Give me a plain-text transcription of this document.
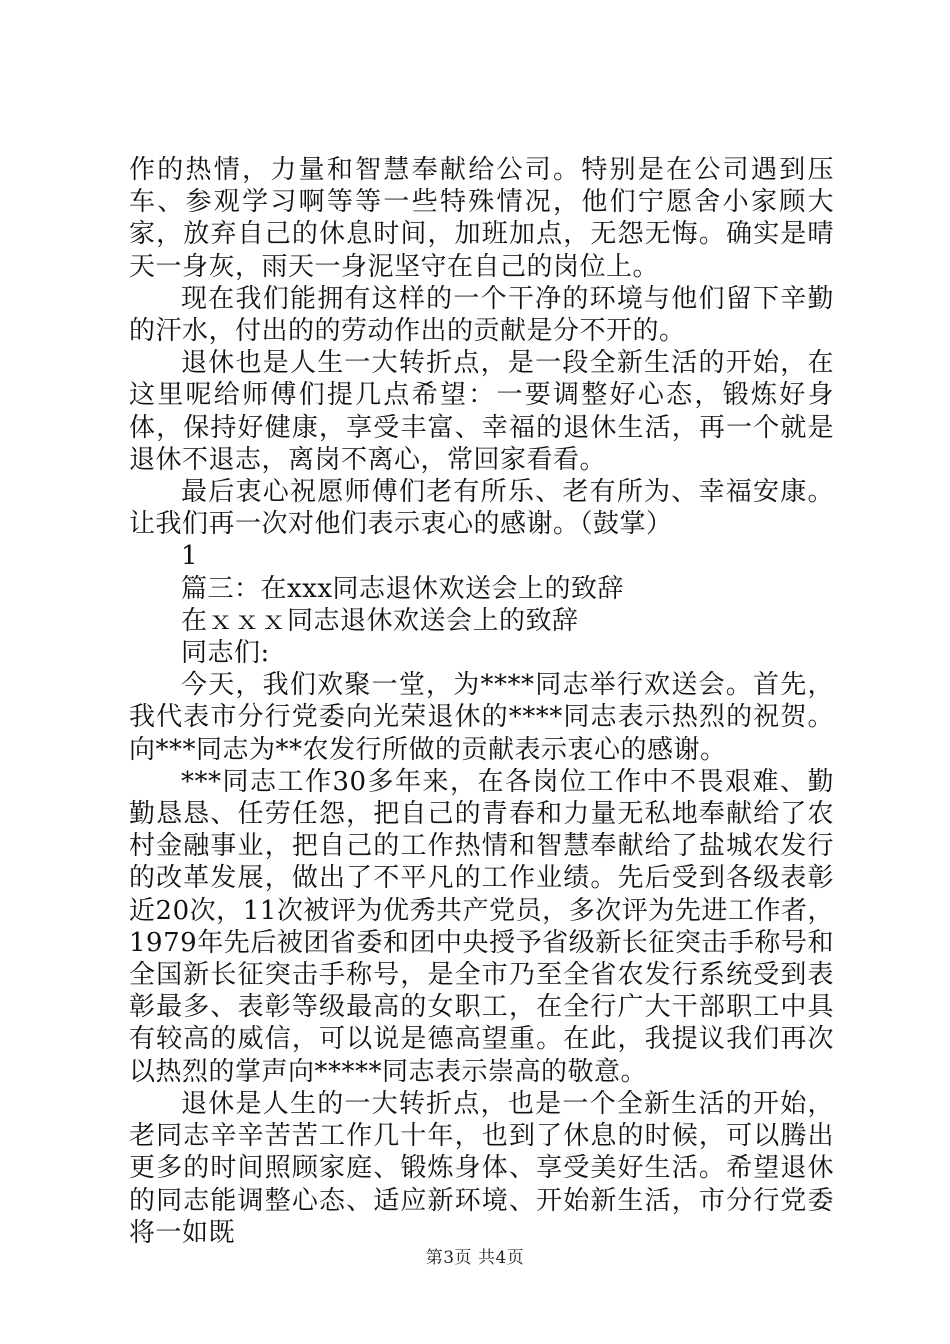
作的热情，力量和智慧奉献给公司。特别是在公司遇到压车、参观学习啊等等一些特殊情况，他们宁愿舍小家顾大家，放弃自己的休息时间，加班加点，无怨无悔。确实是晴天一身灰，雨天一身泥坚守在自己的岗位上。

现在我们能拥有这样的一个干净的环境与他们留下辛勤的汗水，付出的的劳动作出的贡献是分不开的。

退休也是人生一大转折点，是一段全新生活的开始，在这里呢给师傅们提几点希望：一要调整好心态，锻炼好身体，保持好健康，享受丰富、幸福的退休生活，再一个就是退休不退志，离岗不离心，常回家看看。

最后衷心祝愿师傅们老有所乐、老有所为、幸福安康。让我们再一次对他们表示衷心的感谢。（鼓掌）

1

篇三：在xxx同志退休欢送会上的致辞

在ｘｘｘ同志退休欢送会上的致辞

同志们:

今天，我们欢聚一堂，为****同志举行欢送会。首先，我代表市分行党委向光荣退休的****同志表示热烈的祝贺。向***同志为**农发行所做的贡献表示衷心的感谢。

***同志工作30多年来，在各岗位工作中不畏艰难、勤勤恳恳、任劳任怨，把自己的青春和力量无私地奉献给了农村金融事业，把自己的工作热情和智慧奉献给了盐城农发行的改革发展，做出了不平凡的工作业绩。先后受到各级表彰近20次，11次被评为优秀共产党员，多次评为先进工作者，1979年先后被团省委和团中央授予省级新长征突击手称号和全国新长征突击手称号，是全市乃至全省农发行系统受到表彰最多、表彰等级最高的女职工，在全行广大干部职工中具有较高的威信，可以说是德高望重。在此，我提议我们再次以热烈的掌声向*****同志表示崇高的敬意。

退休是人生的一大转折点，也是一个全新生活的开始，老同志辛辛苦苦工作几十年，也到了休息的时候，可以腾出更多的时间照顾家庭、锻炼身体、享受美好生活。希望退休的同志能调整心态、适应新环境、开始新生活，市分行党委将一如既

第3页 共4页
